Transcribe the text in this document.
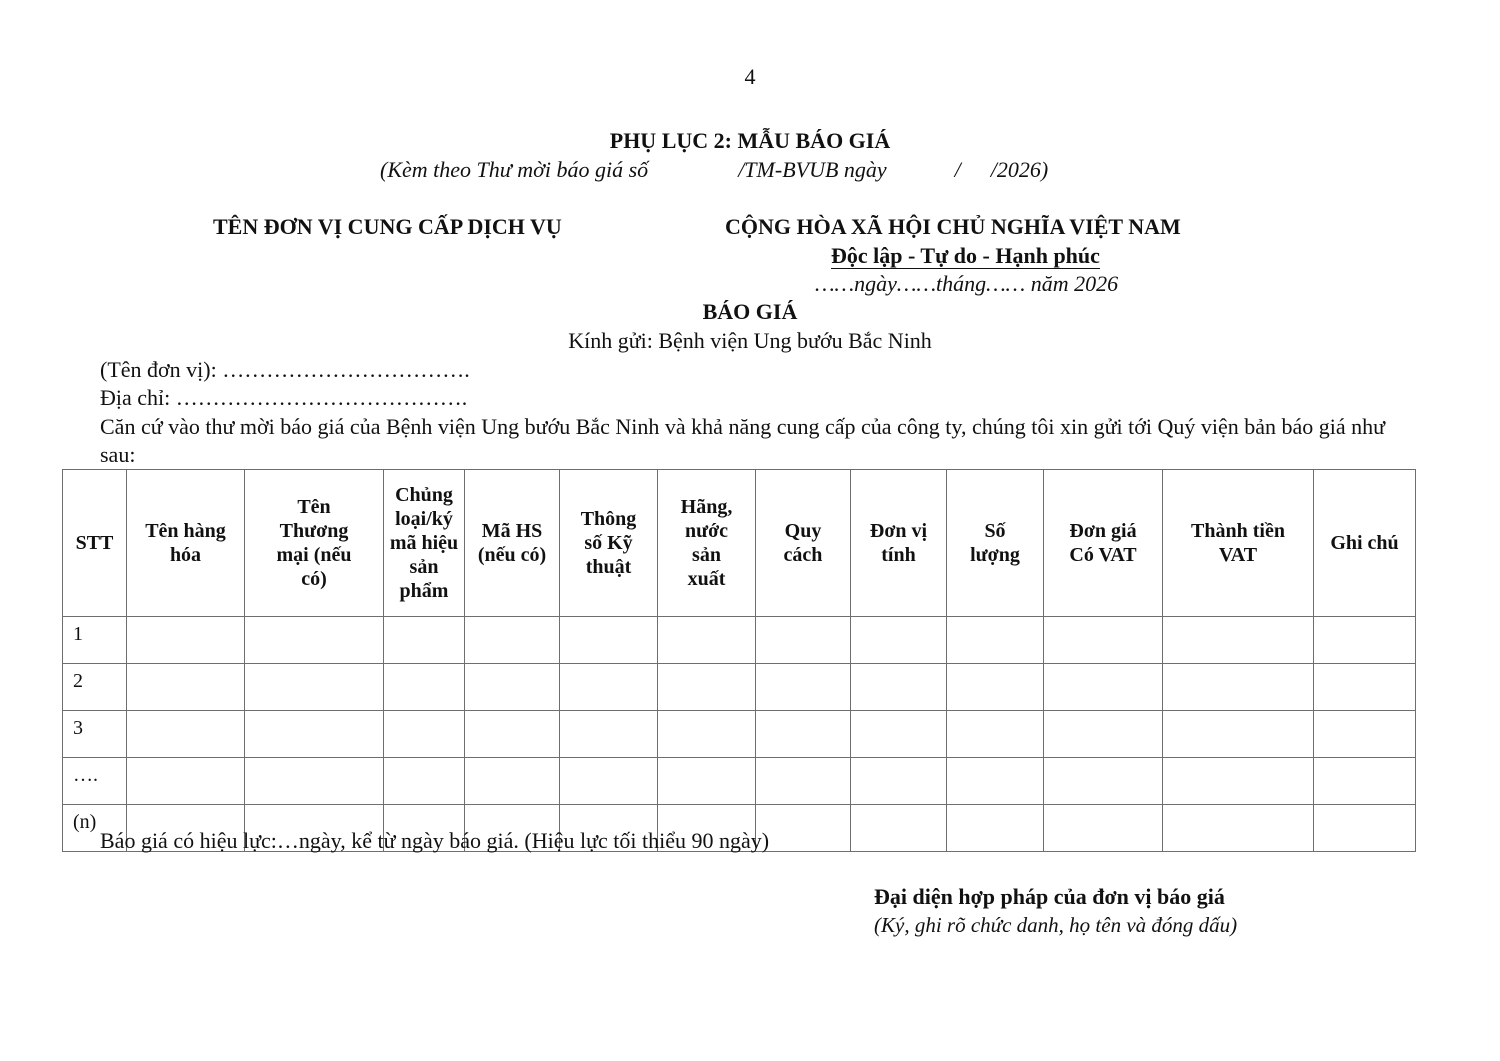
4
PHỤ LỤC 2: MẪU BÁO GIÁ
(Kèm theo Thư mời báo giá số	/TM-BVUB ngày	/ /2026)
TÊN ĐƠN VỊ CUNG CẤP DỊCH VỤ	CỘNG HÒA XÃ HỘI CHỦ NGHĨA VIỆT NAM
Độc lập - Tự do - Hạnh phúc
……ngày……tháng…… năm 2026
BÁO GIÁ
Kính gửi: Bệnh viện Ung bướu Bắc Ninh
(Tên đơn vị): …………………………….
Địa chỉ: ………………………………….
Căn cứ vào thư mời báo giá của Bệnh viện Ung bướu Bắc Ninh và khả năng cung cấp của công ty, chúng tôi xin gửi tới Quý viện bản báo giá như sau:
STT	Tên hàng hóa	Tên Thương mại (nếu có)	Chủng loại/ký mã hiệu sản phẩm	Mã HS (nếu có)	Thông số Kỹ thuật	Hãng, nước sản xuất	Quy cách	Đơn vị tính	Số lượng	Đơn giá Có VAT	Thành tiền VAT	Ghi chú
1												
2												
3												
….												
(n)												
Báo giá có hiệu lực:…ngày, kể từ ngày báo giá. (Hiệu lực tối thiểu 90 ngày)
Đại diện hợp pháp của đơn vị báo giá
(Ký, ghi rõ chức danh, họ tên và đóng dấu)
